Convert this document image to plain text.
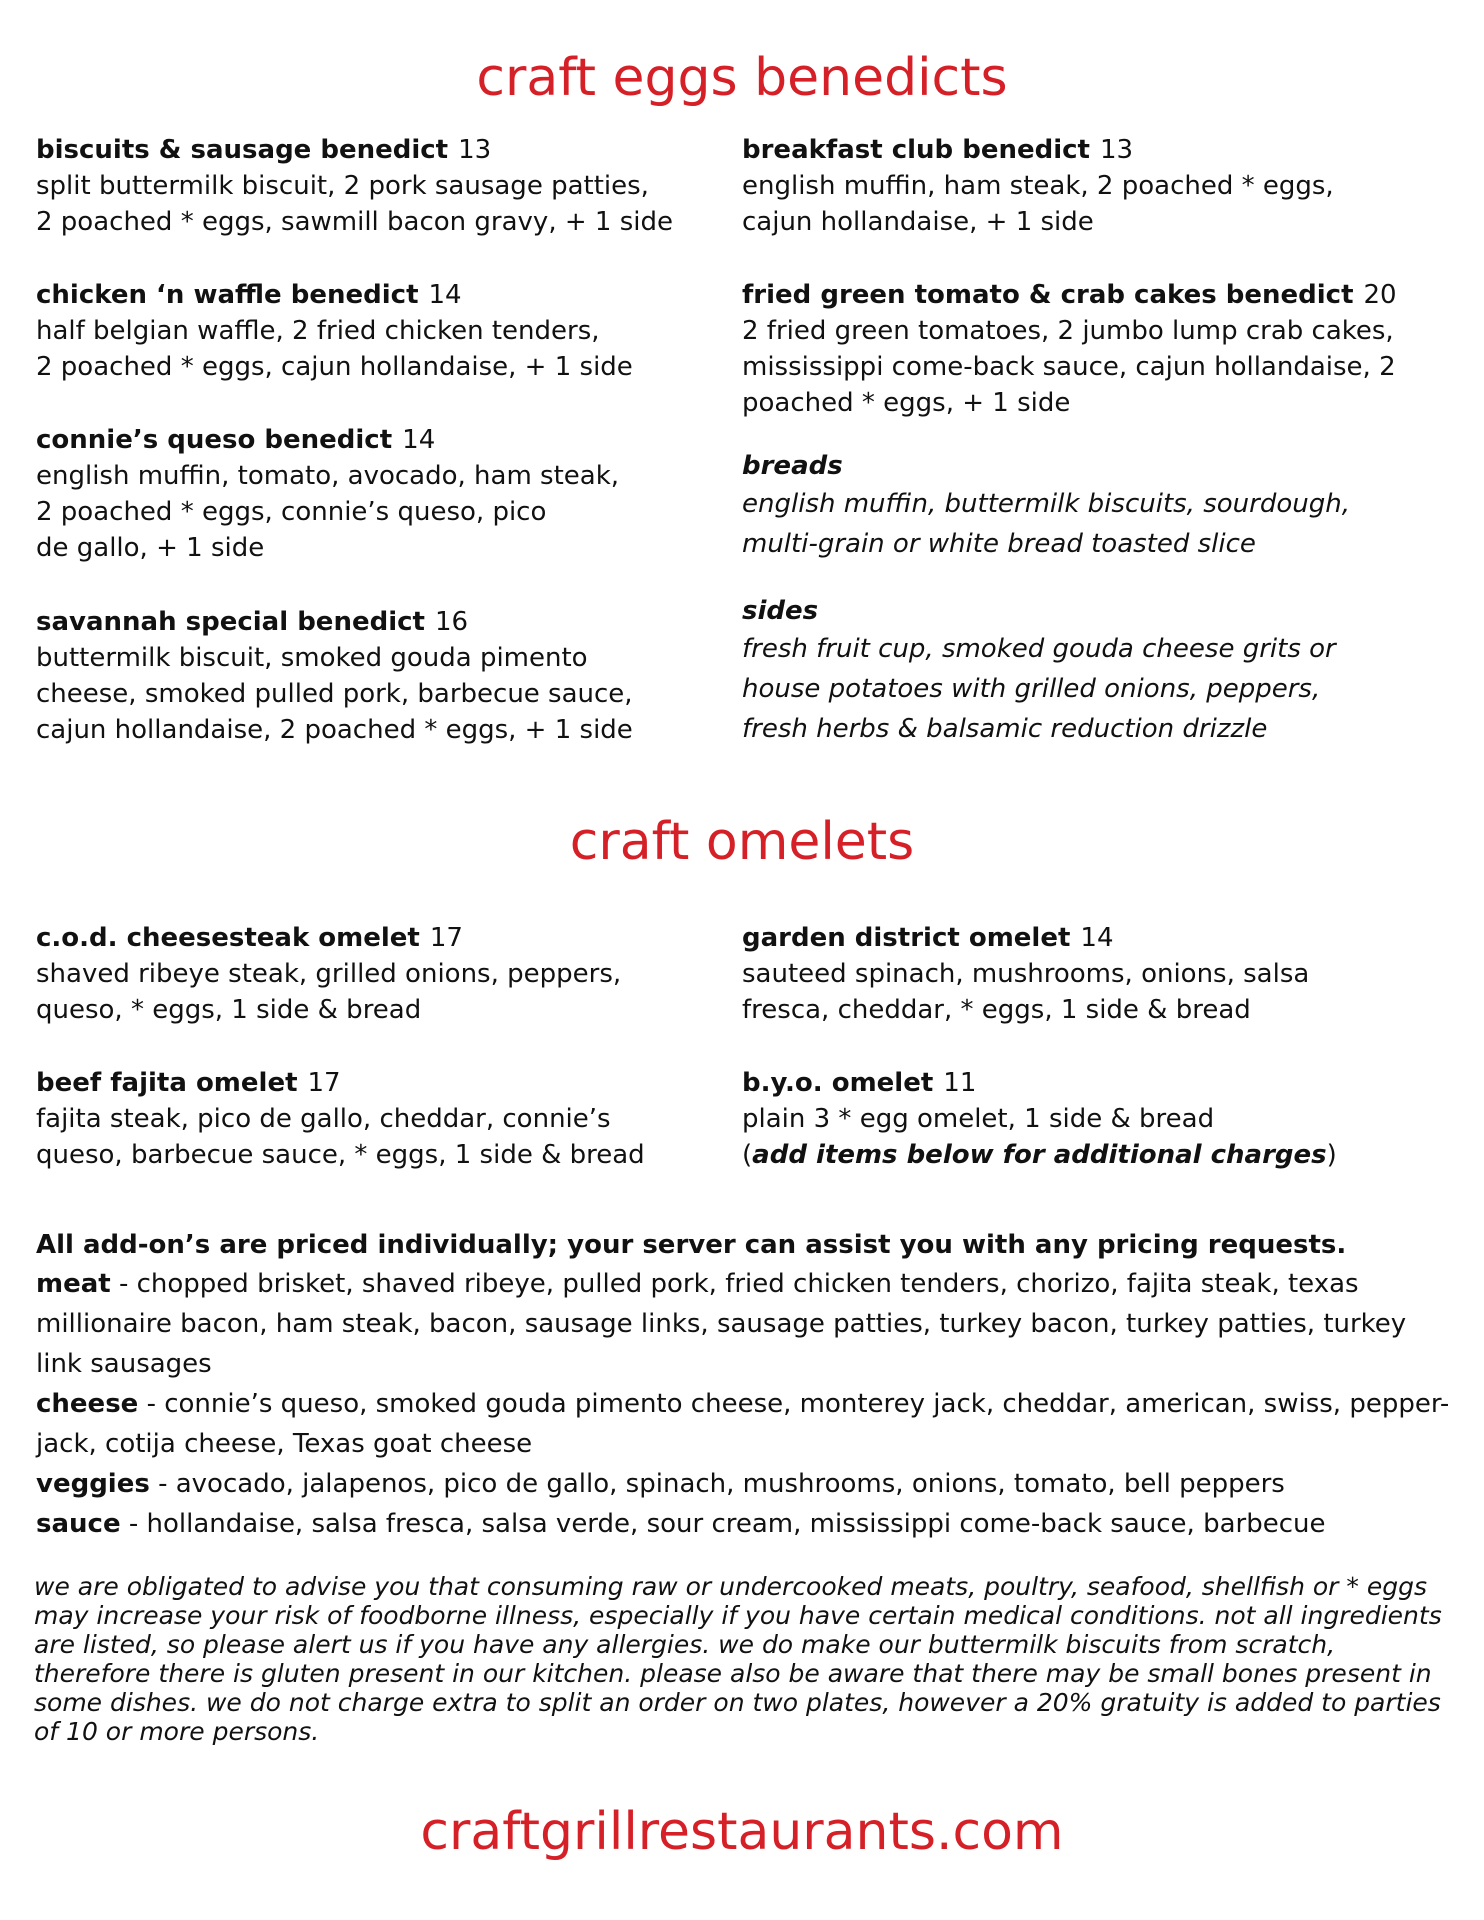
craft eggs benedicts
biscuits & sausage benedict 13
split buttermilk biscuit, 2 pork sausage patties,
2 poached * eggs, sawmill bacon gravy, + 1 side
chicken ‘n waffle benedict 14
half belgian waffle, 2 fried chicken tenders,
2 poached * eggs, cajun hollandaise, + 1 side
connie’s queso benedict 14
english muffin, tomato, avocado, ham steak,
2 poached * eggs, connie’s queso, pico
de gallo, + 1 side
savannah special benedict 16
buttermilk biscuit, smoked gouda pimento
cheese, smoked pulled pork, barbecue sauce,
cajun hollandaise, 2 poached * eggs, + 1 side
breakfast club benedict 13
english muffin, ham steak, 2 poached * eggs,
cajun hollandaise, + 1 side
fried green tomato & crab cakes benedict 20
2 fried green tomatoes, 2 jumbo lump crab cakes,
mississippi come-back sauce, cajun hollandaise, 2
poached * eggs, + 1 side
breads
english muffin, buttermilk biscuits, sourdough,
multi-grain or white bread toasted slice
sides
fresh fruit cup, smoked gouda cheese grits or
house potatoes with grilled onions, peppers,
fresh herbs & balsamic reduction drizzle
craft omelets
c.o.d. cheesesteak omelet 17
shaved ribeye steak, grilled onions, peppers,
queso, * eggs, 1 side & bread
beef fajita omelet 17
fajita steak, pico de gallo, cheddar, connie’s
queso, barbecue sauce, * eggs, 1 side & bread
garden district omelet 14
sauteed spinach, mushrooms, onions, salsa
fresca, cheddar, * eggs, 1 side & bread
b.y.o. omelet 11
plain 3 * egg omelet, 1 side & bread
(add items below for additional charges)
All add-on’s are priced individually; your server can assist you with any pricing requests.
meat - chopped brisket, shaved ribeye, pulled pork, fried chicken tenders, chorizo, fajita steak, texas millionaire bacon, ham steak, bacon, sausage links, sausage patties, turkey bacon, turkey patties, turkey link sausages
cheese - connie’s queso, smoked gouda pimento cheese, monterey jack, cheddar, american, swiss, pepper-jack, cotija cheese, Texas goat cheese
veggies - avocado, jalapenos, pico de gallo, spinach, mushrooms, onions, tomato, bell peppers
sauce - hollandaise, salsa fresca, salsa verde, sour cream, mississippi come-back sauce, barbecue
we are obligated to advise you that consuming raw or undercooked meats, poultry, seafood, shellfish or * eggs may increase your risk of foodborne illness, especially if you have certain medical conditions. not all ingredients are listed, so please alert us if you have any allergies. we do make our buttermilk biscuits from scratch, therefore there is gluten present in our kitchen. please also be aware that there may be small bones present in some dishes. we do not charge extra to split an order on two plates, however a 20% gratuity is added to parties of 10 or more persons.
craftgrillrestaurants.com
